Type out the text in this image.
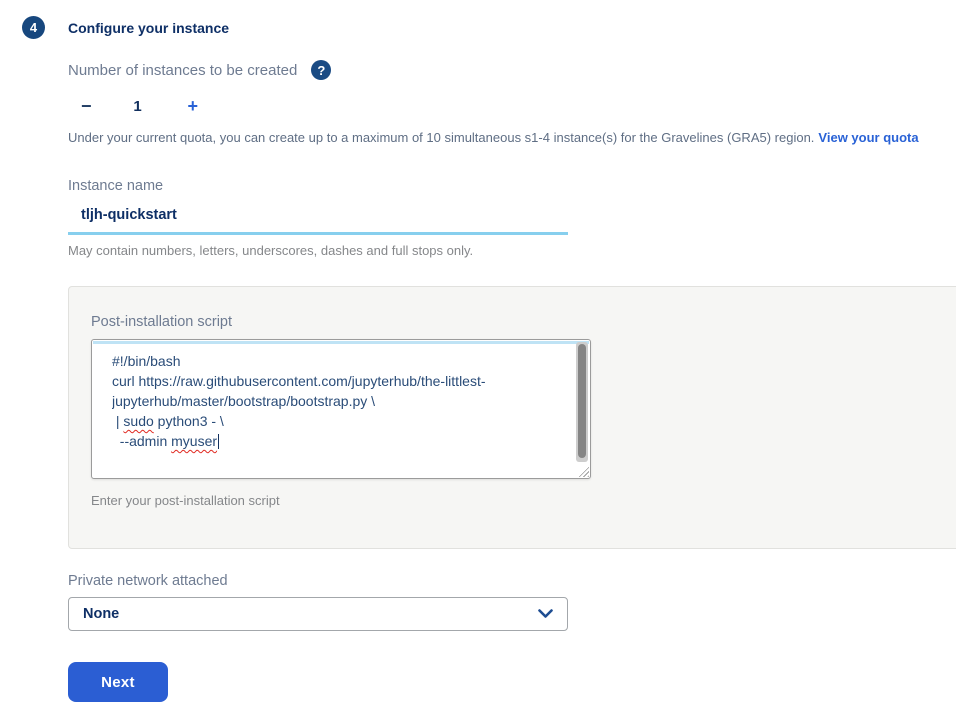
4 Configure your instance
Number of instances to be created ?
−	1	+
Under your current quota, you can create up to a maximum of 10 simultaneous s1-4 instance(s) for the Gravelines (GRA5) region. View your quota
Instance name
tljh-quickstart
May contain numbers, letters, underscores, dashes and full stops only.
Post-installation script
#!/bin/bash
curl https://raw.githubusercontent.com/jupyterhub/the-littlest-jupyterhub/master/bootstrap/bootstrap.py \
| sudo python3 - \
--admin myuser
Enter your post-installation script
Private network attached
None
Next
